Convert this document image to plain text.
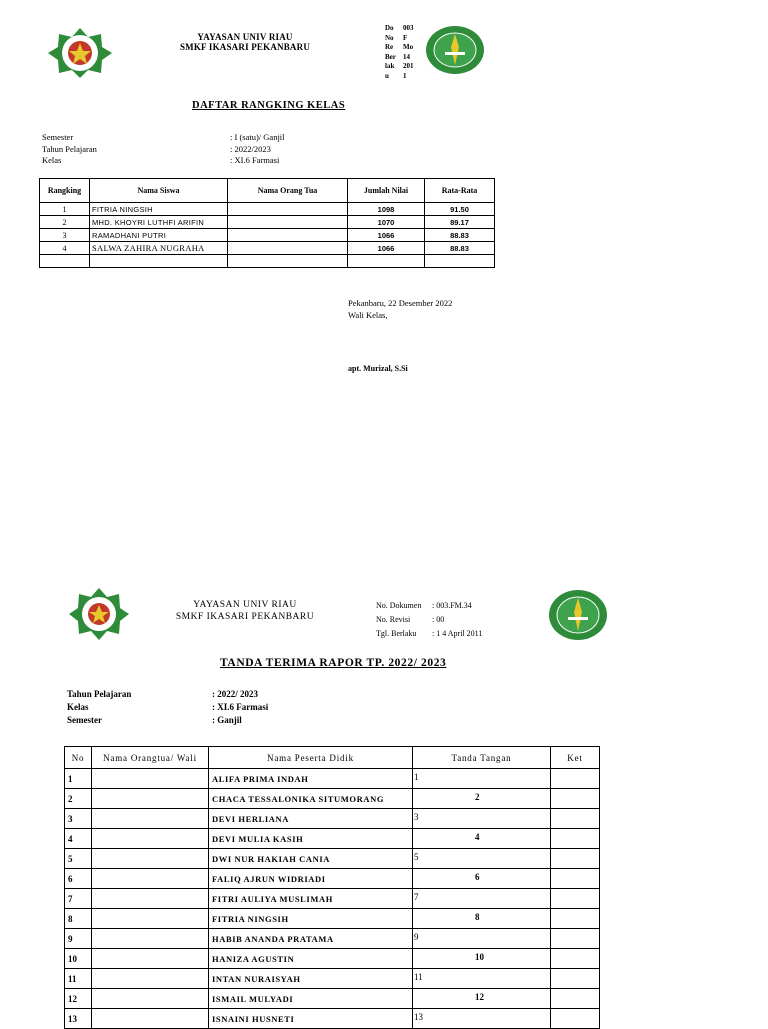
YAYASAN UNIV RIAU
SMKF IKASARI PEKANBARU
Do	003
No	F
Re	Mo
Ber	14
lak	201
u	1
DAFTAR RANGKING KELAS
Semester	: I (satu)/ Ganjil
Tahun Pelajaran	: 2022/2023
Kelas	: XI.6 Farmasi
Rangking	Nama Siswa	Nama Orang Tua	Jumlah Nilai	Rata-Rata
1	FITRIA NINGSIH		1098	91.50
2	MHD. KHOYRI LUTHFI ARIFIN		1070	89.17
3	RAMADHANI PUTRI		1066	88.83
4	SALWA ZAHIRA NUGRAHA		1066	88.83

Pekanbaru, 22 Desember 2022
Wali Kelas,
apt. Murizal, S.Si
YAYASAN UNIV RIAU
SMKF IKASARI PEKANBARU
No. Dokumen	: 003.FM.34
No. Revisi	: 00
Tgl. Berlaku	: 1 4 April 2011
TANDA TERIMA RAPOR TP. 2022/ 2023
Tahun Pelajaran	: 2022/ 2023
Kelas	: XI.6 Farmasi
Semester	: Ganjil
No	Nama Orangtua/ Wali	Nama Peserta Didik	Tanda Tangan	Ket
1		ALIFA PRIMA INDAH	1	

2		CHACA TESSALONIKA SITUMORANG	2	

3		DEVI HERLIANA	3	

4		DEVI MULIA KASIH	4	

5		DWI NUR HAKIAH CANIA	5	

6		FALIQ AJRUN WIDRIADI	6	

7		FITRI AULIYA MUSLIMAH	7	

8		FITRIA NINGSIH	8	

9		HABIB ANANDA PRATAMA	9	

10		HANIZA AGUSTIN	10	

11		INTAN NURAISYAH	11	

12		ISMAIL MULYADI	12	

13		ISNAINI HUSNETI	13	
